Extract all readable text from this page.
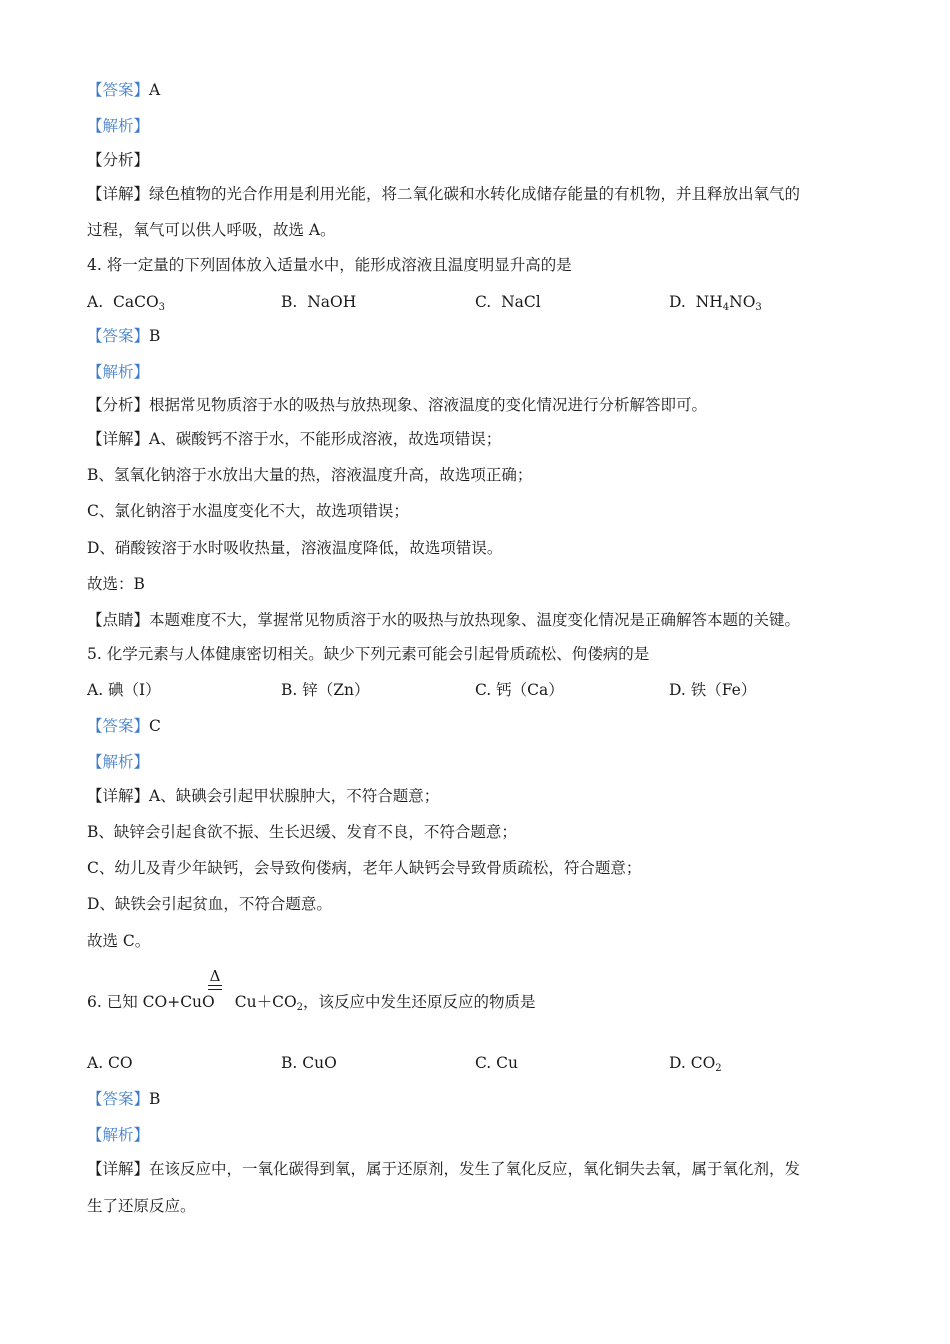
【答案】A
【解析】
【分析】
【详解】绿色植物的光合作用是利用光能，将二氧化碳和水转化成储存能量的有机物，并且释放出氧气的
过程，氧气可以供人呼吸，故选 A。
4. 将一定量的下列固体放入适量水中，能形成溶液且温度明显升高的是
A. CaCO$_3$	B. NaOH	C. NaCl	D. $NH_4NO_3$
【答案】B
【解析】
【分析】根据常见物质溶于水的吸热与放热现象、溶液温度的变化情况进行分析解答即可。
【详解】A、碳酸钙不溶于水，不能形成溶液，故选项错误；
B、氢氧化钠溶于水放出大量的热，溶液温度升高，故选项正确；
C、氯化钠溶于水温度变化不大，故选项错误；
D、硝酸铵溶于水时吸收热量，溶液温度降低，故选项错误。
故选：B
【点睛】本题难度不大，掌握常见物质溶于水的吸热与放热现象、温度变化情况是正确解答本题的关键。
5. 化学元素与人体健康密切相关。缺少下列元素可能会引起骨质疏松、佝偻病的是
A. 碘（I）	B. 锌（Zn）	C. 钙（Ca）	D. 铁（Fe）
【答案】C
【解析】
【详解】A、缺碘会引起甲状腺肿大，不符合题意；
B、缺锌会引起食欲不振、生长迟缓、发育不良，不符合题意；
C、幼儿及青少年缺钙，会导致佝偻病，老年人缺钙会导致骨质疏松，符合题意；
D、缺铁会引起贫血，不符合题意。
故选 C。
Δ
6. 已知 CO+CuO $Cu+CO_2$，该反应中发生还原反应的物质是
A. CO	B. CuO	C. Cu	D. $CO_2$
【答案】B
【解析】
【详解】在该反应中，一氧化碳得到氧，属于还原剂，发生了氧化反应，氧化铜失去氧，属于氧化剂，发
生了还原反应。
